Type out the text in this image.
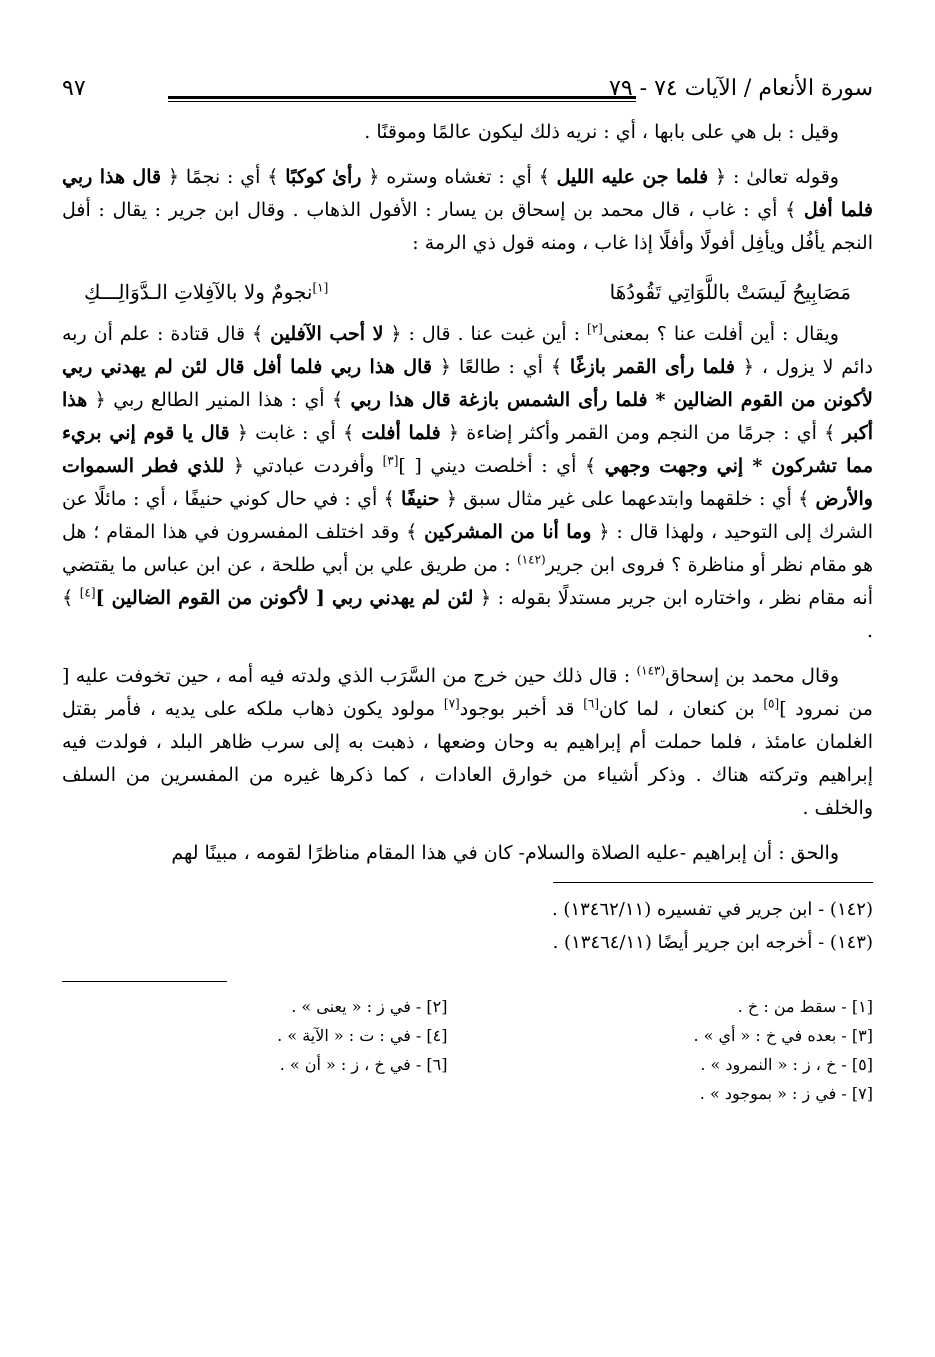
سورة الأنعام / الآيات ٧٤ - ٧٩
٩٧

وقيل : بل هي على بابها ، أي : نريه ذلك ليكون عالمًا وموقنًا .

وقوله تعالىٰ : ﴿ فلما جن عليه الليل ﴾ أي : تغشاه وستره ﴿ رأىٰ كوكبًا ﴾ أي : نجمًا ﴿ قال هذا ربي فلما أفل ﴾ أي : غاب ، قال محمد بن إسحاق بن يسار : الأفول الذهاب . وقال ابن جرير : يقال : أفل النجم يأفُل ويأفِل أفولًا وأفلًا إذا غاب ، ومنه قول ذي الرمة :

مَصَابِيحُ لَيسَتْ باللَّوَاتِي تَقُودُهَا
[١]نجومٌ ولا بالآفِلاتِ الـدَّوَالِـــكِ

ويقال : أين أفلت عنا ؟ بمعنى[٢] : أين غبت عنا . قال : ﴿ لا أحب الآفلين ﴾ قال قتادة : علم أن ربه دائم لا يزول ، ﴿ فلما رأى القمر بازغًا ﴾ أي : طالعًا ﴿ قال هذا ربي فلما أفل قال لئن لم يهدني ربي لأكونن من القوم الضالين * فلما رأى الشمس بازغة قال هذا ربي ﴾ أي : هذا المنير الطالع ربي ﴿ هذا أكبر ﴾ أي : جرمًا من النجم ومن القمر وأكثر إضاءة ﴿ فلما أفلت ﴾ أي : غابت ﴿ قال يا قوم إني بريء مما تشركون * إني وجهت وجهي ﴾ أي : أخلصت ديني [ ][٣] وأفردت عبادتي ﴿ للذي فطر السموات والأرض ﴾ أي : خلقهما وابتدعهما على غير مثال سبق ﴿ حنيفًا ﴾ أي : في حال كوني حنيفًا ، أي : مائلًا عن الشرك إلى التوحيد ، ولهذا قال : ﴿ وما أنا من المشركين ﴾ وقد اختلف المفسرون في هذا المقام ؛ هل هو مقام نظر أو مناظرة ؟ فروى ابن جرير$^{(١٤٢)}$ : من طريق علي بن أبي طلحة ، عن ابن عباس ما يقتضي أنه مقام نظر ، واختاره ابن جرير مستدلًا بقوله : ﴿ لئن لم يهدني ربي [ لأكونن من القوم الضالين ][٤] ﴾ .

وقال محمد بن إسحاق$^{(١٤٣)}$ : قال ذلك حين خرج من السَّرَب الذي ولدته فيه أمه ، حين تخوفت عليه [ من نمرود ][٥] بن كنعان ، لما كان[٦] قد أخبر بوجود[٧] مولود يكون ذهاب ملكه على يديه ، فأمر بقتل الغلمان عامئذ ، فلما حملت أم إبراهيم به وحان وضعها ، ذهبت به إلى سرب ظاهر البلد ، فولدت فيه إبراهيم وتركته هناك . وذكر أشياء من خوارق العادات ، كما ذكرها غيره من المفسرين من السلف والخلف .

والحق : أن إبراهيم -عليه الصلاة والسلام- كان في هذا المقام مناظرًا لقومه ، مبينًا لهم

(١٤٢) - ابن جرير في تفسيره (١٣٤٦٢/١١) .
(١٤٣) - أخرجه ابن جرير أيضًا (١٣٤٦٤/١١) .
[١] - سقط من : خ .
[٢] - في ز : « يعنى » .
[٣] - بعده في خ : « أي » .
[٤] - في : ت : « الآية » .
[٥] - خ ، ز : « النمرود » .
[٦] - في خ ، ز : « أن » .
[٧] - في ز : « بموجود » .
